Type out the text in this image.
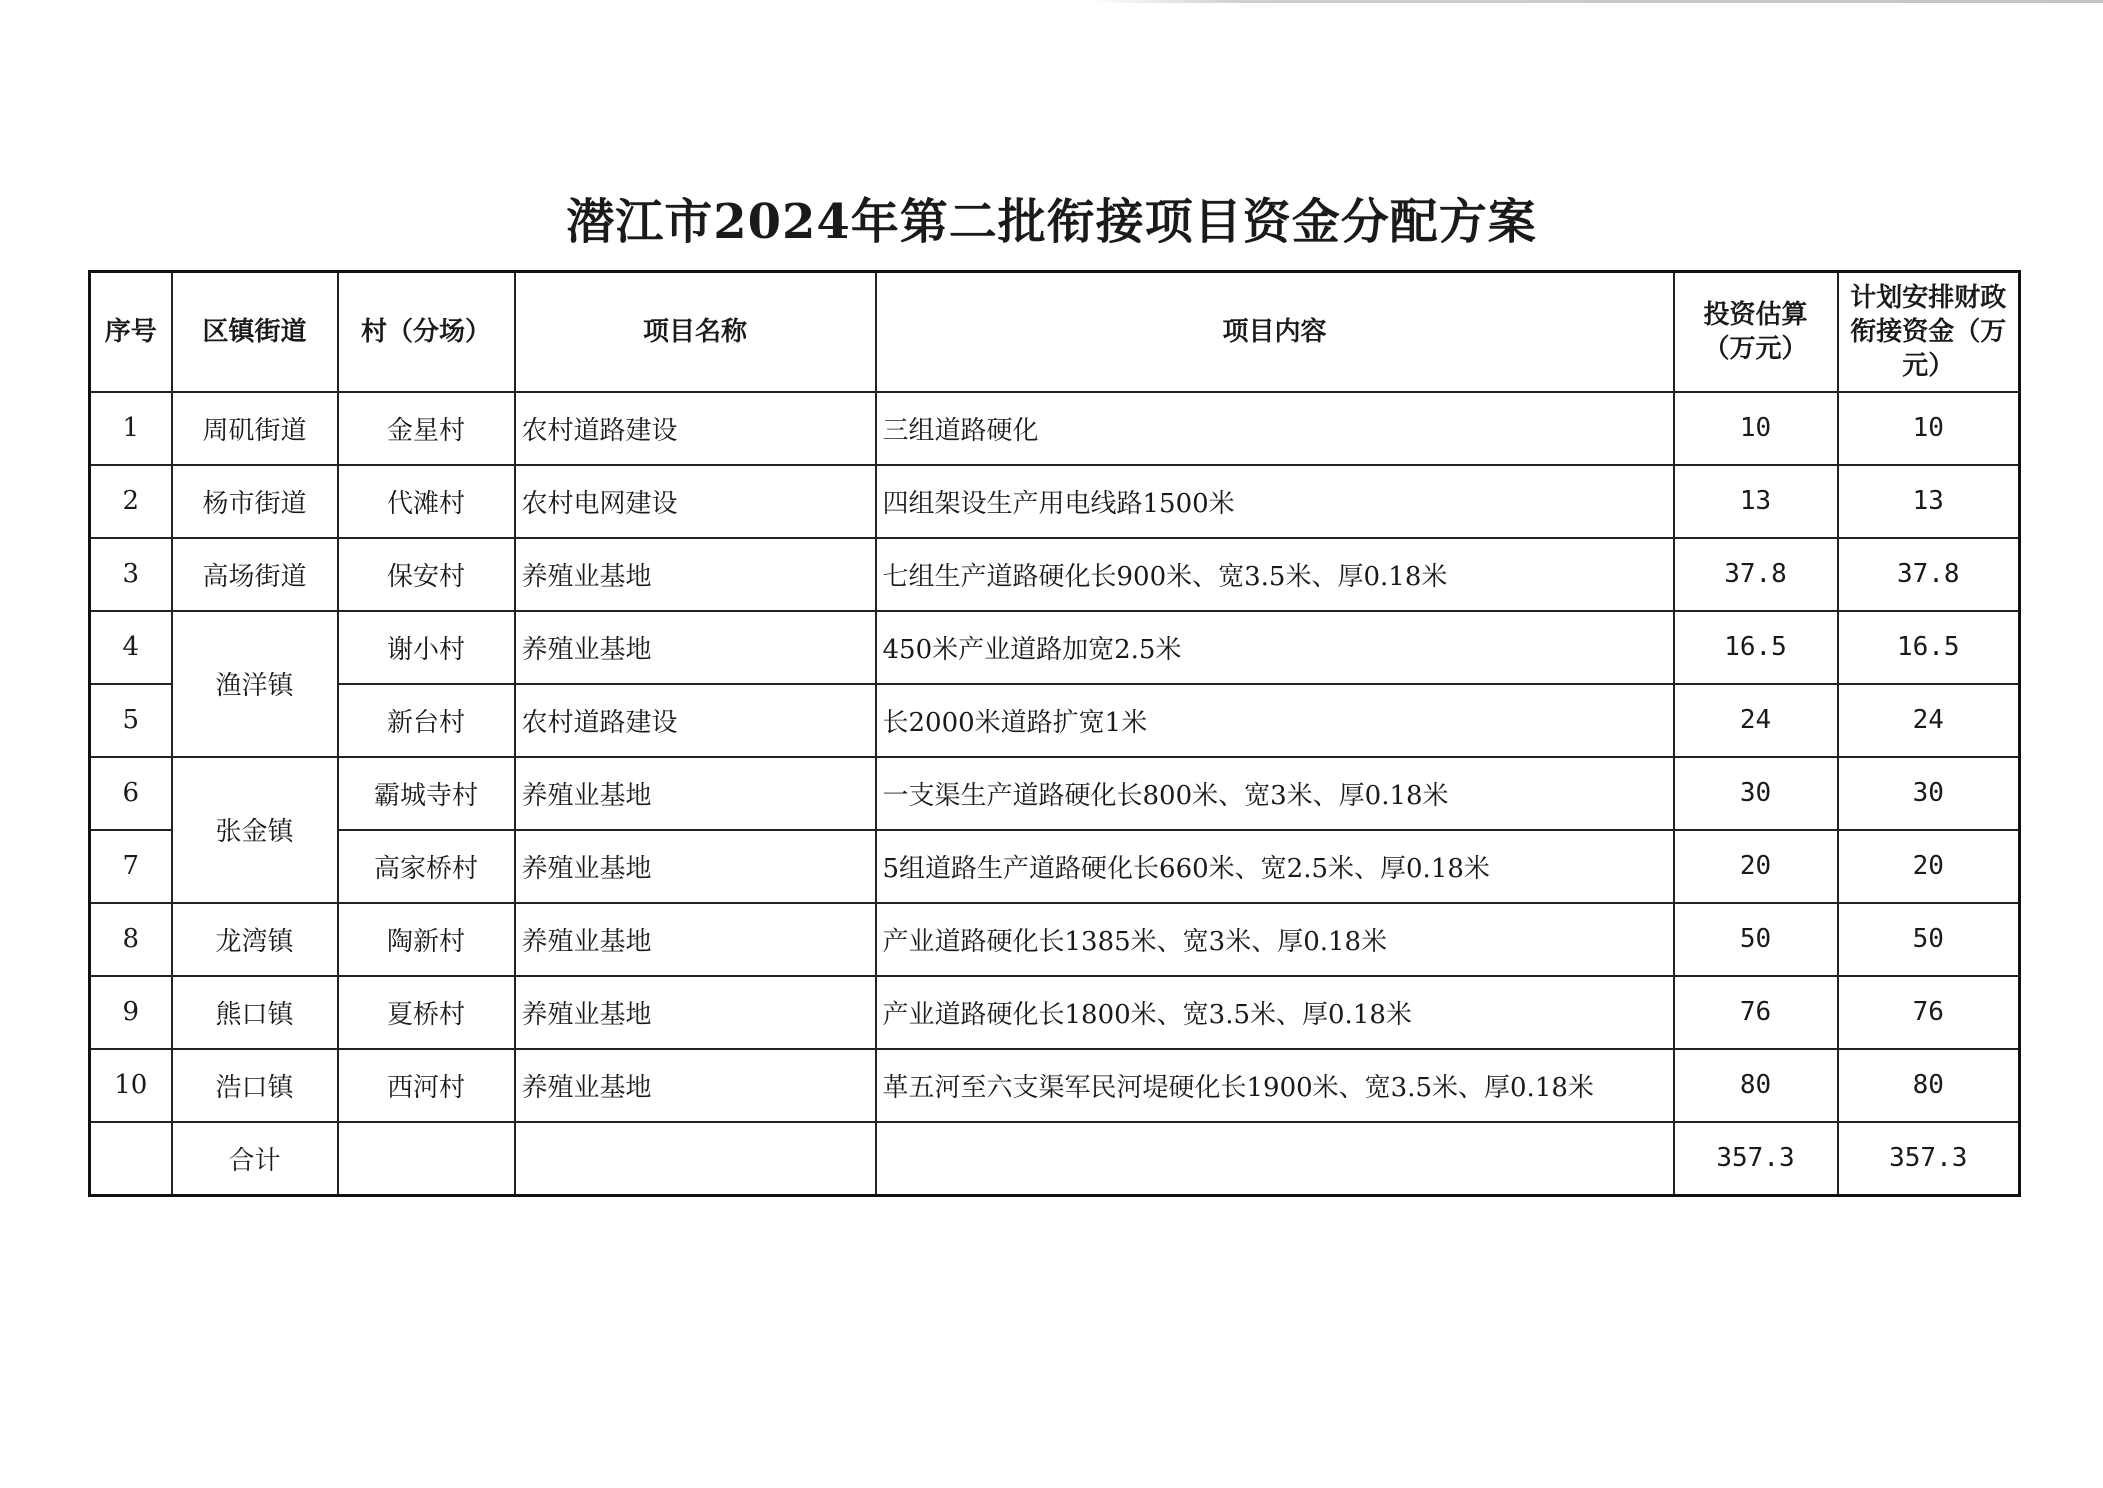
潜江市2024年第二批衔接项目资金分配方案
序号	区镇街道	村（分场）	项目名称	项目内容	投资估算（万元）	计划安排财政衔接资金（万元）
1	周矶街道	金星村	农村道路建设	三组道路硬化	10	10
2	杨市街道	代滩村	农村电网建设	四组架设生产用电线路1500米	13	13
3	高场街道	保安村	养殖业基地	七组生产道路硬化长900米、宽3.5米、厚0.18米	37.8	37.8
4	渔洋镇	谢小村	养殖业基地	450米产业道路加宽2.5米	16.5	16.5
5		新台村	农村道路建设	长2000米道路扩宽1米	24	24
6	张金镇	霸城寺村	养殖业基地	一支渠生产道路硬化长800米、宽3米、厚0.18米	30	30
7		高家桥村	养殖业基地	5组道路生产道路硬化长660米、宽2.5米、厚0.18米	20	20
8	龙湾镇	陶新村	养殖业基地	产业道路硬化长1385米、宽3米、厚0.18米	50	50
9	熊口镇	夏桥村	养殖业基地	产业道路硬化长1800米、宽3.5米、厚0.18米	76	76
10	浩口镇	西河村	养殖业基地	革五河至六支渠军民河堤硬化长1900米、宽3.5米、厚0.18米	80	80
	合计				357.3	357.3
